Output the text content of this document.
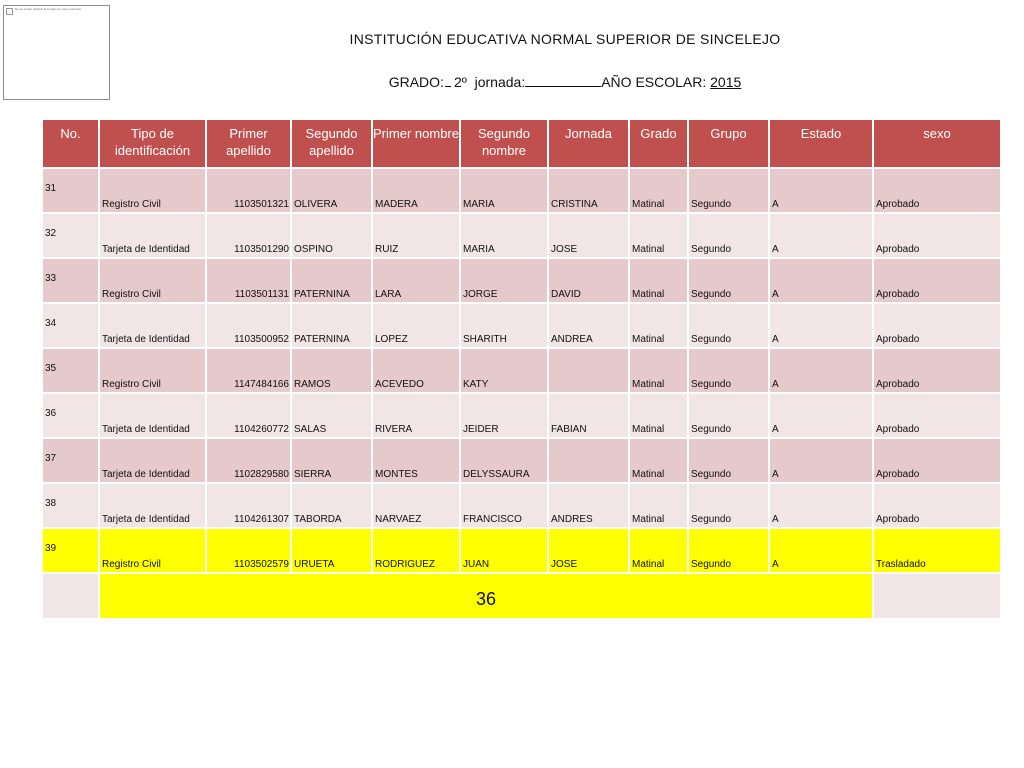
No se puede mostrar la imagen en este momento.
INSTITUCIÓN EDUCATIVA NORMAL SUPERIOR DE SINCELEJO
GRADO: 2º jornada:	AÑO ESCOLAR: 2015
No.	Tipo de identificación	Primer apellido	Segundo apellido	Primer nombre	Segundo nombre	Jornada	Grado	Grupo	Estado	sexo
31	Registro Civil	1103501321	OLIVERA	MADERA	MARIA	CRISTINA	Matinal	Segundo	A	Aprobado
32	Tarjeta de Identidad	1103501290	OSPINO	RUIZ	MARIA	JOSE	Matinal	Segundo	A	Aprobado
33	Registro Civil	1103501131	PATERNINA	LARA	JORGE	DAVID	Matinal	Segundo	A	Aprobado
34	Tarjeta de Identidad	1103500952	PATERNINA	LOPEZ	SHARITH	ANDREA	Matinal	Segundo	A	Aprobado
35	Registro Civil	1147484166	RAMOS	ACEVEDO	KATY		Matinal	Segundo	A	Aprobado
36	Tarjeta de Identidad	1104260772	SALAS	RIVERA	JEIDER	FABIAN	Matinal	Segundo	A	Aprobado
37	Tarjeta de Identidad	1102829580	SIERRA	MONTES	DELYSSAURA		Matinal	Segundo	A	Aprobado
38	Tarjeta de Identidad	1104261307	TABORDA	NARVAEZ	FRANCISCO	ANDRES	Matinal	Segundo	A	Aprobado
39	Registro Civil	1103502579	URUETA	RODRIGUEZ	JUAN	JOSE	Matinal	Segundo	A	Trasladado
	36									
